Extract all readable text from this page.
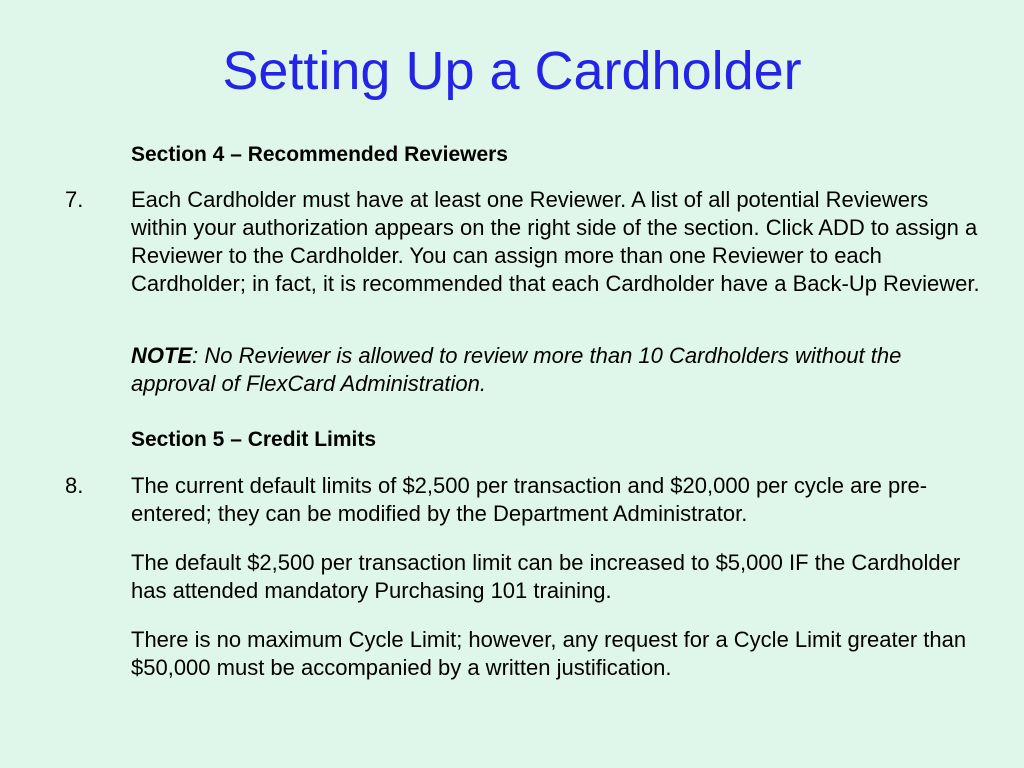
Setting Up a Cardholder
Section 4 – Recommended Reviewers
7. Each Cardholder must have at least one Reviewer. A list of all potential Reviewers within your authorization appears on the right side of the section. Click ADD to assign a Reviewer to the Cardholder. You can assign more than one Reviewer to each Cardholder; in fact, it is recommended that each Cardholder have a Back-Up Reviewer.
NOTE: No Reviewer is allowed to review more than 10 Cardholders without the approval of FlexCard Administration.
Section 5 – Credit Limits
8. The current default limits of $2,500 per transaction and $20,000 per cycle are pre-entered; they can be modified by the Department Administrator.
The default $2,500 per transaction limit can be increased to $5,000 IF the Cardholder has attended mandatory Purchasing 101 training.
There is no maximum Cycle Limit; however, any request for a Cycle Limit greater than $50,000 must be accompanied by a written justification.
